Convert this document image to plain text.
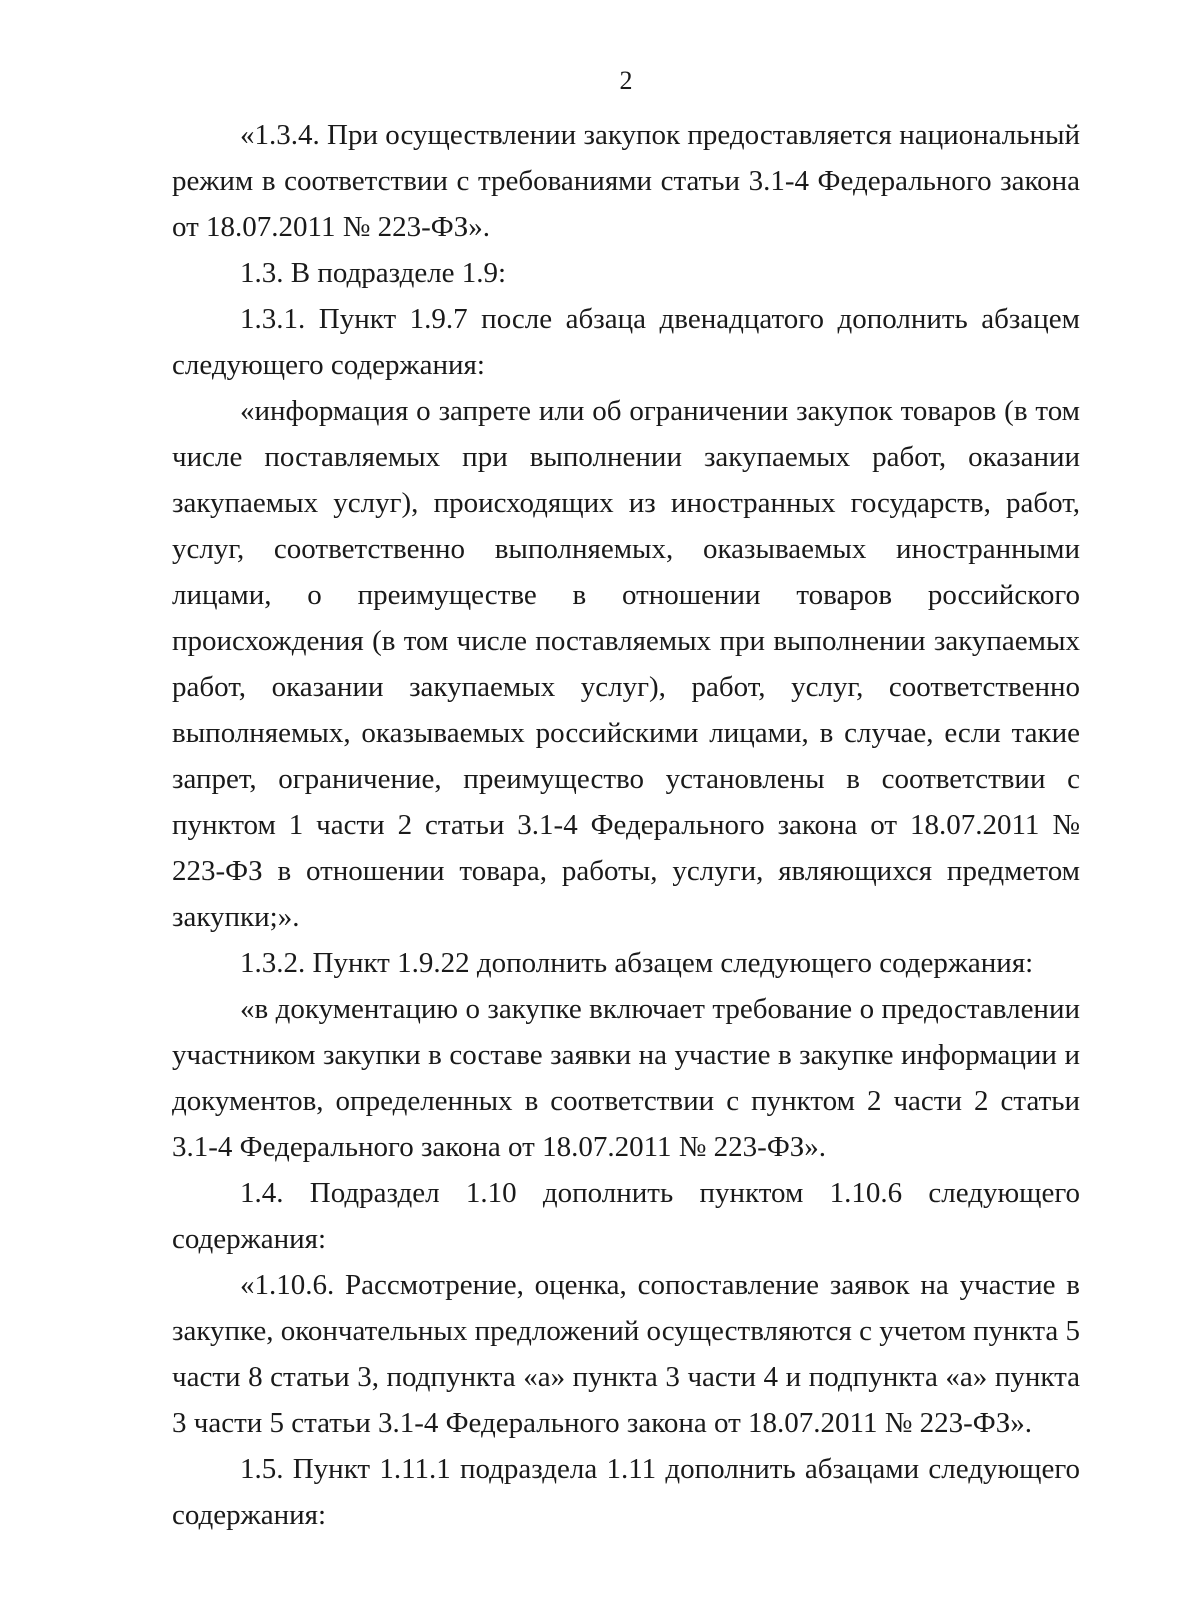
2

«1.3.4. При осуществлении закупок предоставляется национальный режим в соответствии с требованиями статьи 3.1-4 Федерального закона от 18.07.2011 № 223-ФЗ».

1.3. В подразделе 1.9:

1.3.1. Пункт 1.9.7 после абзаца двенадцатого дополнить абзацем следующего содержания:

«информация о запрете или об ограничении закупок товаров (в том числе поставляемых при выполнении закупаемых работ, оказании закупаемых услуг), происходящих из иностранных государств, работ, услуг, соответственно выполняемых, оказываемых иностранными лицами, о преимуществе в отношении товаров российского происхождения (в том числе поставляемых при выполнении закупаемых работ, оказании закупаемых услуг), работ, услуг, соответственно выполняемых, оказываемых российскими лицами, в случае, если такие запрет, ограничение, преимущество установлены в соответствии с пунктом 1 части 2 статьи 3.1-4 Федерального закона от 18.07.2011 № 223-ФЗ в отношении товара, работы, услуги, являющихся предметом закупки;».

1.3.2. Пункт 1.9.22 дополнить абзацем следующего содержания:

«в документацию о закупке включает требование о предоставлении участником закупки в составе заявки на участие в закупке информации и документов, определенных в соответствии с пунктом 2 части 2 статьи 3.1-4 Федерального закона от 18.07.2011 № 223-ФЗ».

1.4. Подраздел 1.10 дополнить пунктом 1.10.6 следующего содержания:

«1.10.6. Рассмотрение, оценка, сопоставление заявок на участие в закупке, окончательных предложений осуществляются с учетом пункта 5 части 8 статьи 3, подпункта «а» пункта 3 части 4 и подпункта «а» пункта 3 части 5 статьи 3.1-4 Федерального закона от 18.07.2011 № 223-ФЗ».

1.5. Пункт 1.11.1 подраздела 1.11 дополнить абзацами следующего содержания:
